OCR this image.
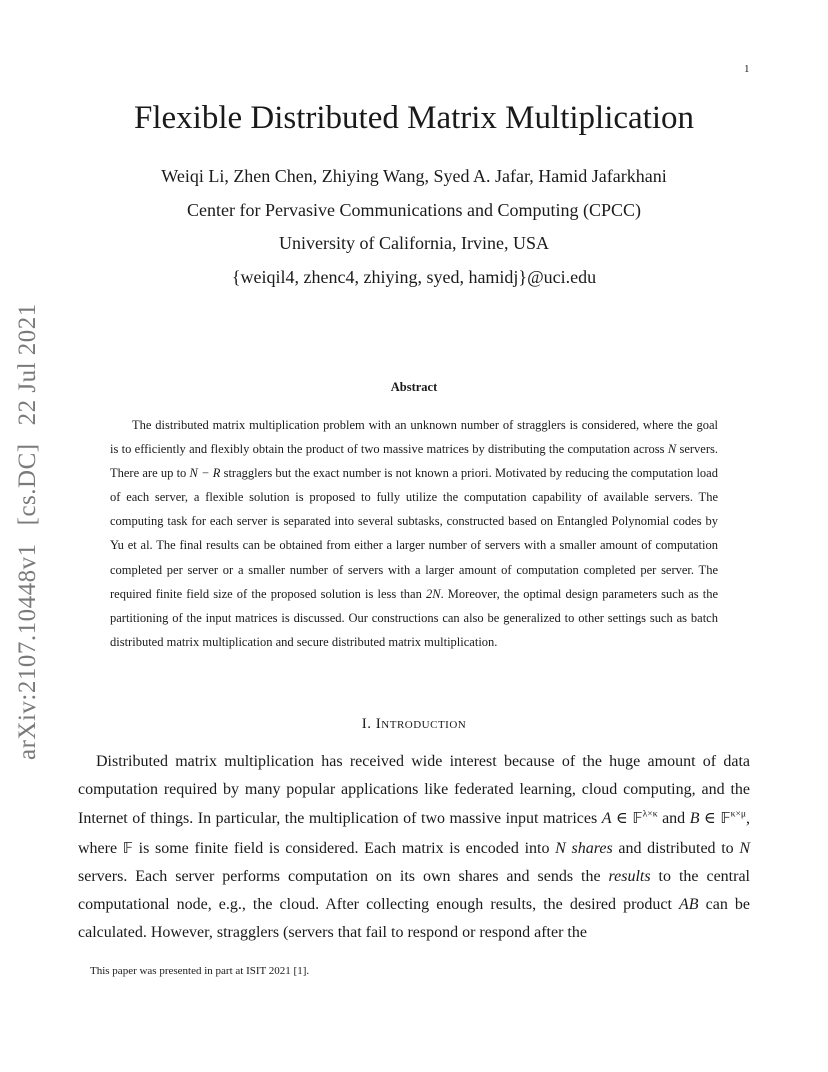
1
arXiv:2107.10448v1[cs.DC]22 Jul 2021
Flexible Distributed Matrix Multiplication
Weiqi Li, Zhen Chen, Zhiying Wang, Syed A. Jafar, Hamid Jafarkhani
Center for Pervasive Communications and Computing (CPCC)
University of California, Irvine, USA
{weiqil4, zhenc4, zhiying, syed, hamidj}@uci.edu
Abstract

The distributed matrix multiplication problem with an unknown number of stragglers is considered, where the goal is to efficiently and flexibly obtain the product of two massive matrices by distributing the computation across N servers. There are up to N − R stragglers but the exact number is not known a priori. Motivated by reducing the computation load of each server, a flexible solution is proposed to fully utilize the computation capability of available servers. The computing task for each server is separated into several subtasks, constructed based on Entangled Polynomial codes by Yu et al. The final results can be obtained from either a larger number of servers with a smaller amount of computation completed per server or a smaller number of servers with a larger amount of computation completed per server. The required finite field size of the proposed solution is less than 2N. Moreover, the optimal design parameters such as the partitioning of the input matrices is discussed. Our constructions can also be generalized to other settings such as batch distributed matrix multiplication and secure distributed matrix multiplication.

I. Introduction

Distributed matrix multiplication has received wide interest because of the huge amount of data computation required by many popular applications like federated learning, cloud computing, and the Internet of things. In particular, the multiplication of two massive input matrices A ∈ 𝔽$^{\lambda\times\kappa}$ and B ∈ 𝔽$^{\kappa\times\mu}$, where 𝔽 is some finite field is considered. Each matrix is encoded into N shares and distributed to N servers. Each server performs computation on its own shares and sends the results to the central computational node, e.g., the cloud. After collecting enough results, the desired product AB can be calculated. However, stragglers (servers that fail to respond or respond after the

This paper was presented in part at ISIT 2021 [1].
